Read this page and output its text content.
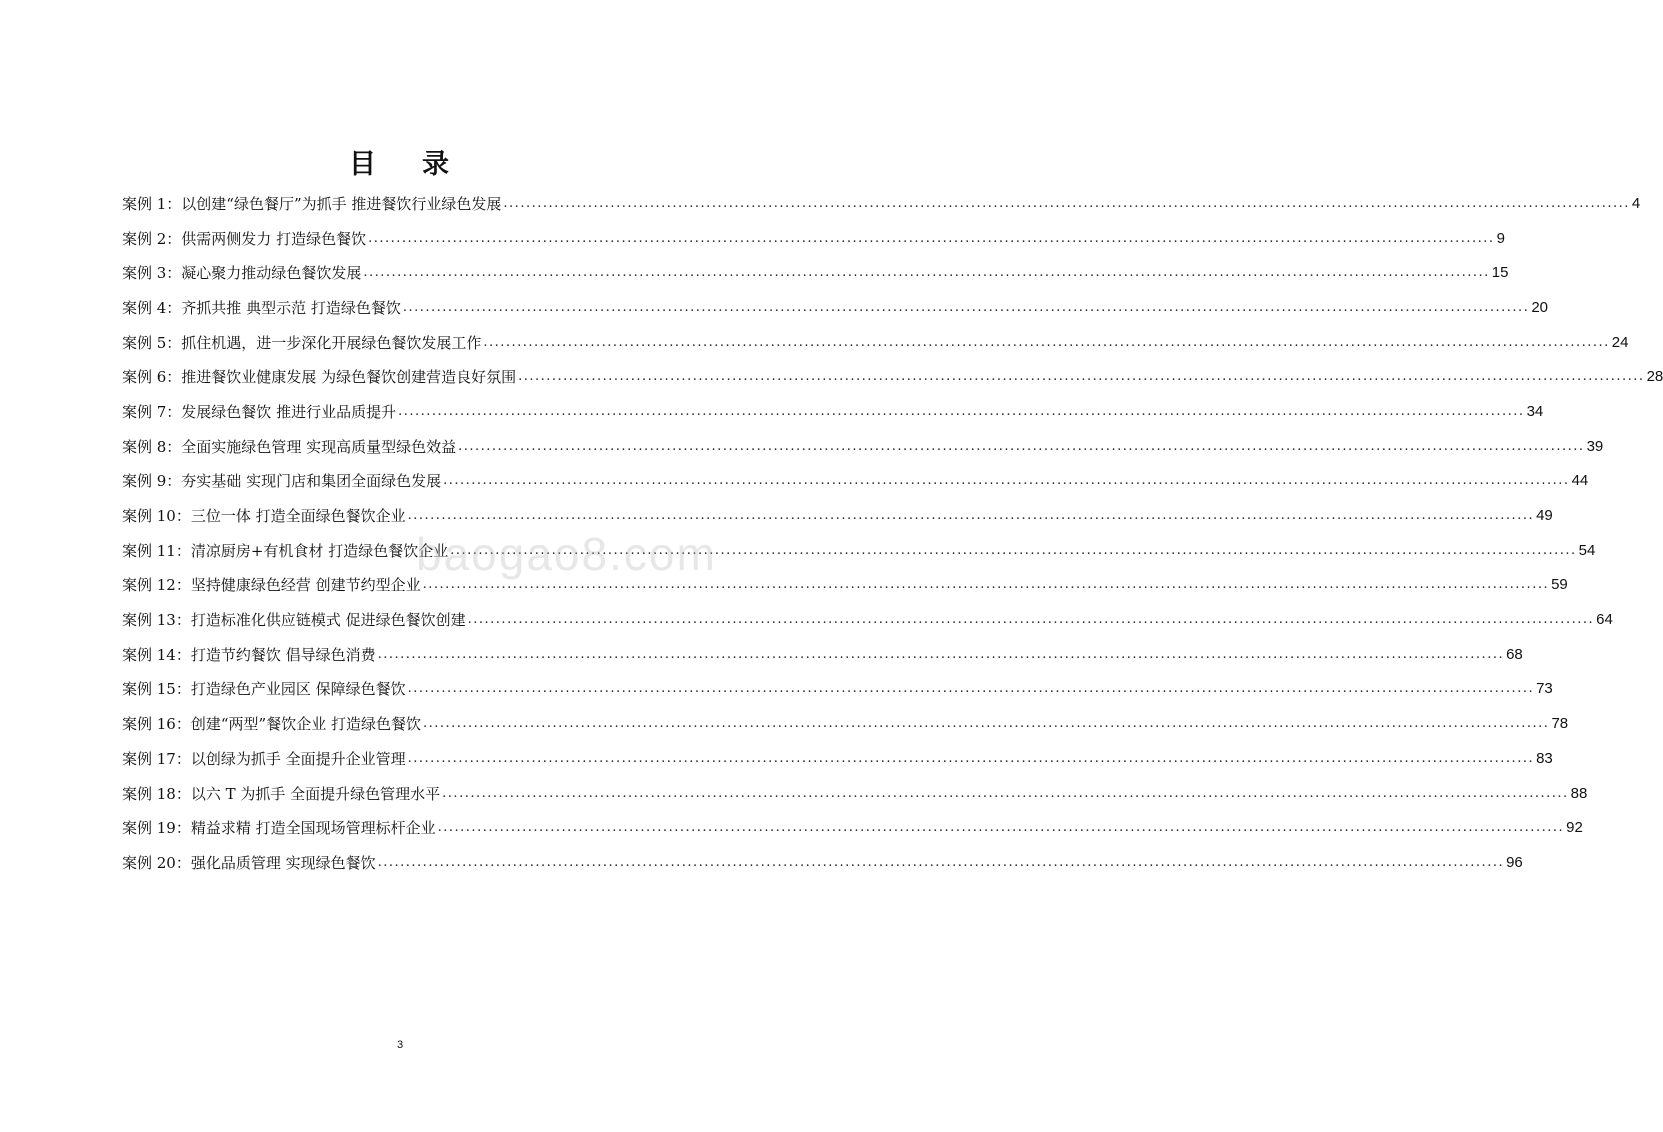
目 录
案例 1：以创建“绿色餐厅”为抓手 推进餐饮行业绿色发展 ........................................................................................................................................................................................................ 4
案例 2：供需两侧发力 打造绿色餐饮 ........................................................................................................................................................................................................ 9
案例 3：凝心聚力推动绿色餐饮发展 ........................................................................................................................................................................................................ 15
案例 4：齐抓共推 典型示范 打造绿色餐饮 ........................................................................................................................................................................................................ 20
案例 5：抓住机遇，进一步深化开展绿色餐饮发展工作 ........................................................................................................................................................................................................ 24
案例 6：推进餐饮业健康发展 为绿色餐饮创建营造良好氛围 ........................................................................................................................................................................................................ 28
案例 7：发展绿色餐饮 推进行业品质提升 ........................................................................................................................................................................................................ 34
案例 8：全面实施绿色管理 实现高质量型绿色效益 ........................................................................................................................................................................................................ 39
案例 9：夯实基础 实现门店和集团全面绿色发展 ........................................................................................................................................................................................................ 44
案例 10：三位一体 打造全面绿色餐饮企业 ........................................................................................................................................................................................................ 49
案例 11：清凉厨房+有机食材 打造绿色餐饮企业 ........................................................................................................................................................................................................ 54
案例 12：坚持健康绿色经营 创建节约型企业 ........................................................................................................................................................................................................ 59
案例 13：打造标准化供应链模式 促进绿色餐饮创建 ........................................................................................................................................................................................................ 64
案例 14：打造节约餐饮 倡导绿色消费 ........................................................................................................................................................................................................ 68
案例 15：打造绿色产业园区 保障绿色餐饮 ........................................................................................................................................................................................................ 73
案例 16：创建“两型”餐饮企业 打造绿色餐饮 ........................................................................................................................................................................................................ 78
案例 17：以创绿为抓手 全面提升企业管理 ........................................................................................................................................................................................................ 83
案例 18：以六 T 为抓手 全面提升绿色管理水平 ........................................................................................................................................................................................................ 88
案例 19：精益求精 打造全国现场管理标杆企业 ........................................................................................................................................................................................................ 92
案例 20：强化品质管理 实现绿色餐饮 ........................................................................................................................................................................................................ 96
baogao8.com
3
